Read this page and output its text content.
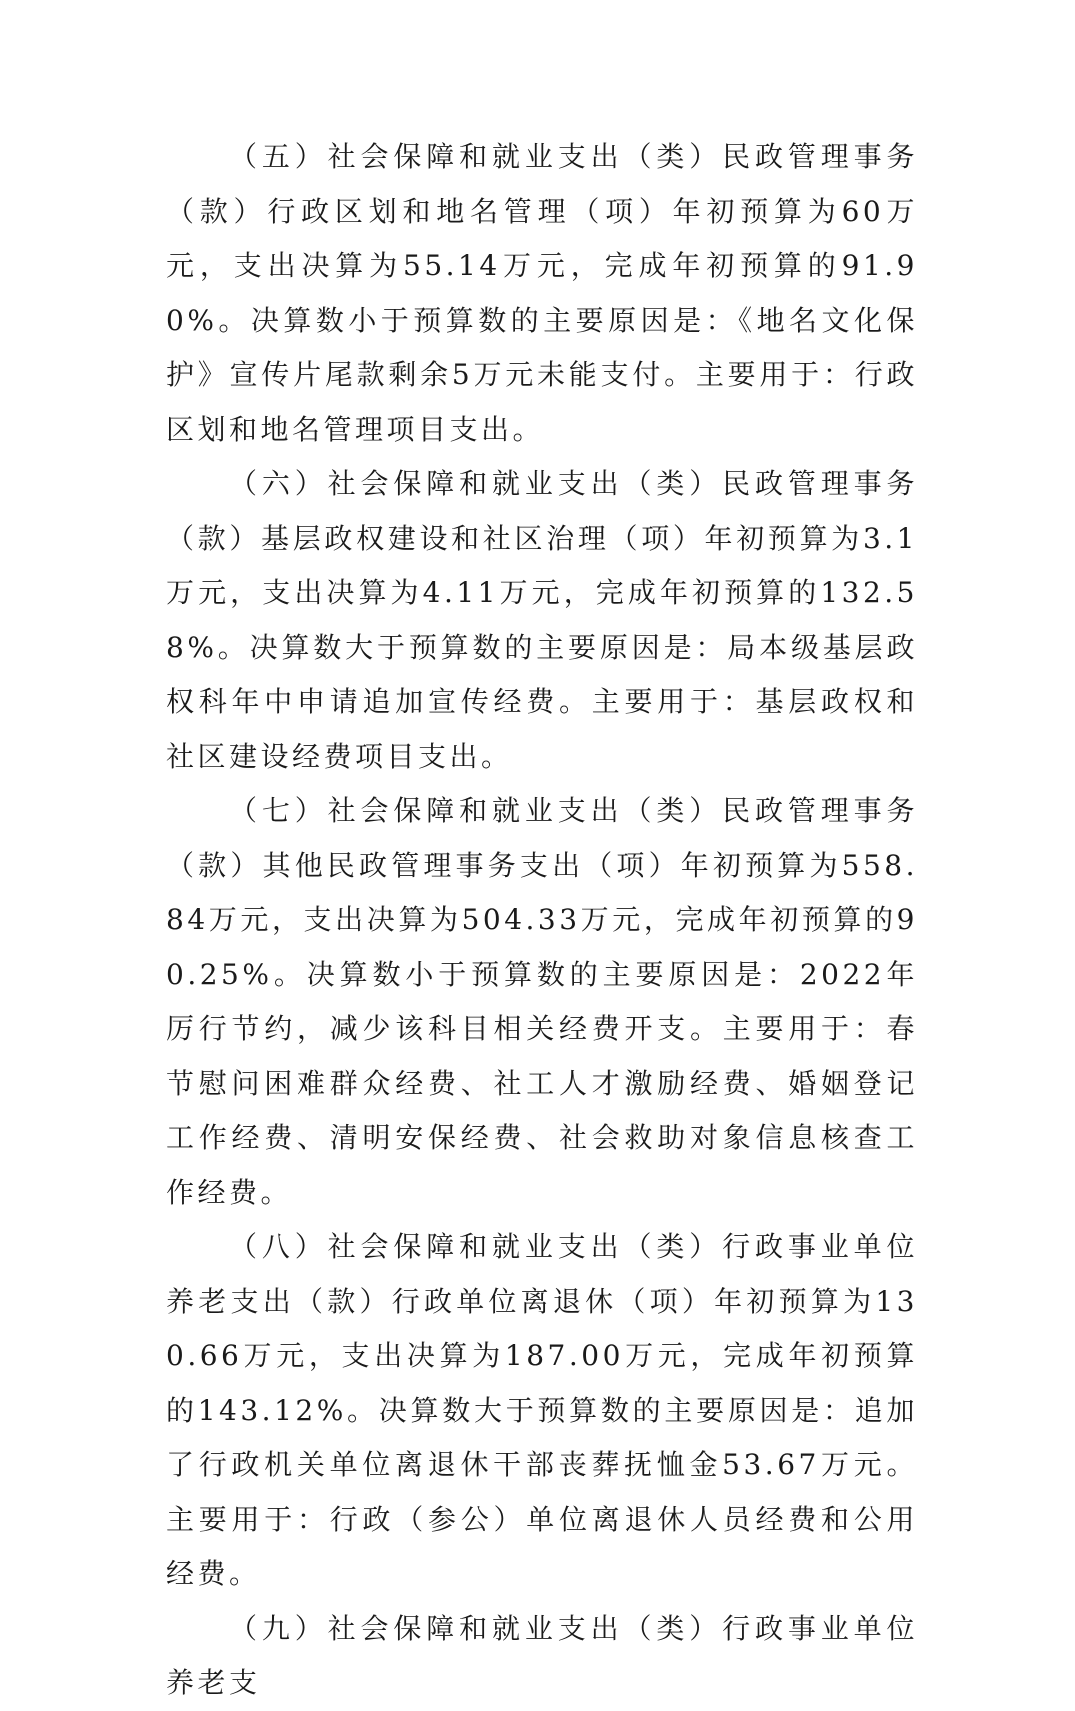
（五）社会保障和就业支出（类）民政管理事务（款）行政区划和地名管理（项）年初预算为60万元，支出决算为55.14万元，完成年初预算的91.90%。决算数小于预算数的主要原因是：《地名文化保护》宣传片尾款剩余5万元未能支付。主要用于：行政区划和地名管理项目支出。

（六）社会保障和就业支出（类）民政管理事务（款）基层政权建设和社区治理（项）年初预算为3.1万元，支出决算为4.11万元，完成年初预算的132.58%。决算数大于预算数的主要原因是：局本级基层政权科年中申请追加宣传经费。主要用于：基层政权和社区建设经费项目支出。

（七）社会保障和就业支出（类）民政管理事务（款）其他民政管理事务支出（项）年初预算为558.84万元，支出决算为504.33万元，完成年初预算的90.25%。决算数小于预算数的主要原因是：2022年厉行节约，减少该科目相关经费开支。主要用于：春节慰问困难群众经费、社工人才激励经费、婚姻登记工作经费、清明安保经费、社会救助对象信息核查工作经费。

（八）社会保障和就业支出（类）行政事业单位养老支出（款）行政单位离退休（项）年初预算为130.66万元，支出决算为187.00万元，完成年初预算的143.12%。决算数大于预算数的主要原因是：追加了行政机关单位离退休干部丧葬抚恤金53.67万元。主要用于：行政（参公）单位离退休人员经费和公用经费。

（九）社会保障和就业支出（类）行政事业单位养老支
